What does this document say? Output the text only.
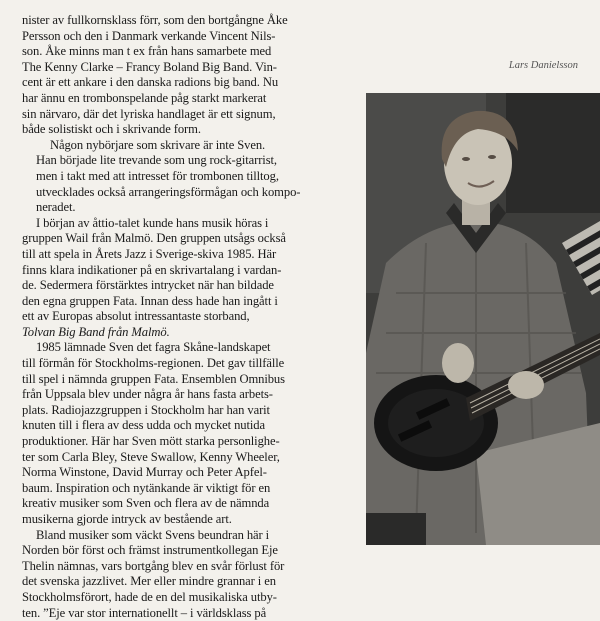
nister av fullkornsklass förr, som den bortgångne Åke
Persson och den i Danmark verkande Vincent Nils-
son. Åke minns man t ex från hans samarbete med
The Kenny Clarke – Francy Boland Big Band. Vin-
cent är ett ankare i den danska radions big band. Nu
har ännu en trombonspelande påg starkt markerat
sin närvaro, där det lyriska handlaget är ett signum,
både solistiskt och i skrivande form.

Någon nybörjare som skrivare är inte Sven.
Han började lite trevande som ung rock-gitarrist,
men i takt med att intresset för trombonen tilltog,
utvecklades också arrangeringsförmågan och kompo-
neradet.

I början av åttio-talet kunde hans musik höras i
gruppen Wail från Malmö. Den gruppen utsågs också
till att spela in Årets Jazz i Sverige-skiva 1985. Här
finns klara indikationer på en skrivartalang i vardan-
de. Sedermera förstärktes intrycket när han bildade
den egna gruppen Fata. Innan dess hade han ingått i
ett av Europas absolut intressantaste storband,
Tolvan Big Band från Malmö.

1985 lämnade Sven det fagra Skåne-landskapet
till förmån för Stockholms-regionen. Det gav tillfälle
till spel i nämnda gruppen Fata. Ensemblen Omnibus
från Uppsala blev under några år hans fasta arbets-
plats. Radiojazzgruppen i Stockholm har han varit
knuten till i flera av dess udda och mycket nutida
produktioner. Här har Sven mött starka personlighe-
ter som Carla Bley, Steve Swallow, Kenny Wheeler,
Norma Winstone, David Murray och Peter Apfel-
baum. Inspiration och nytänkande är viktigt för en
kreativ musiker som Sven och flera av de nämnda
musikerna gjorde intryck av bestående art.

Bland musiker som väckt Svens beundran här i
Norden bör först och främst instrumentkollegan Eje
Thelin nämnas, vars bortgång blev en svår förlust för
det svenska jazzlivet. Mer eller mindre grannar i en
Stockholmsförort, hade de en del musikaliska utby-
ten. ”Eje var stor internationellt – i världsklass på

Lars Danielsson
